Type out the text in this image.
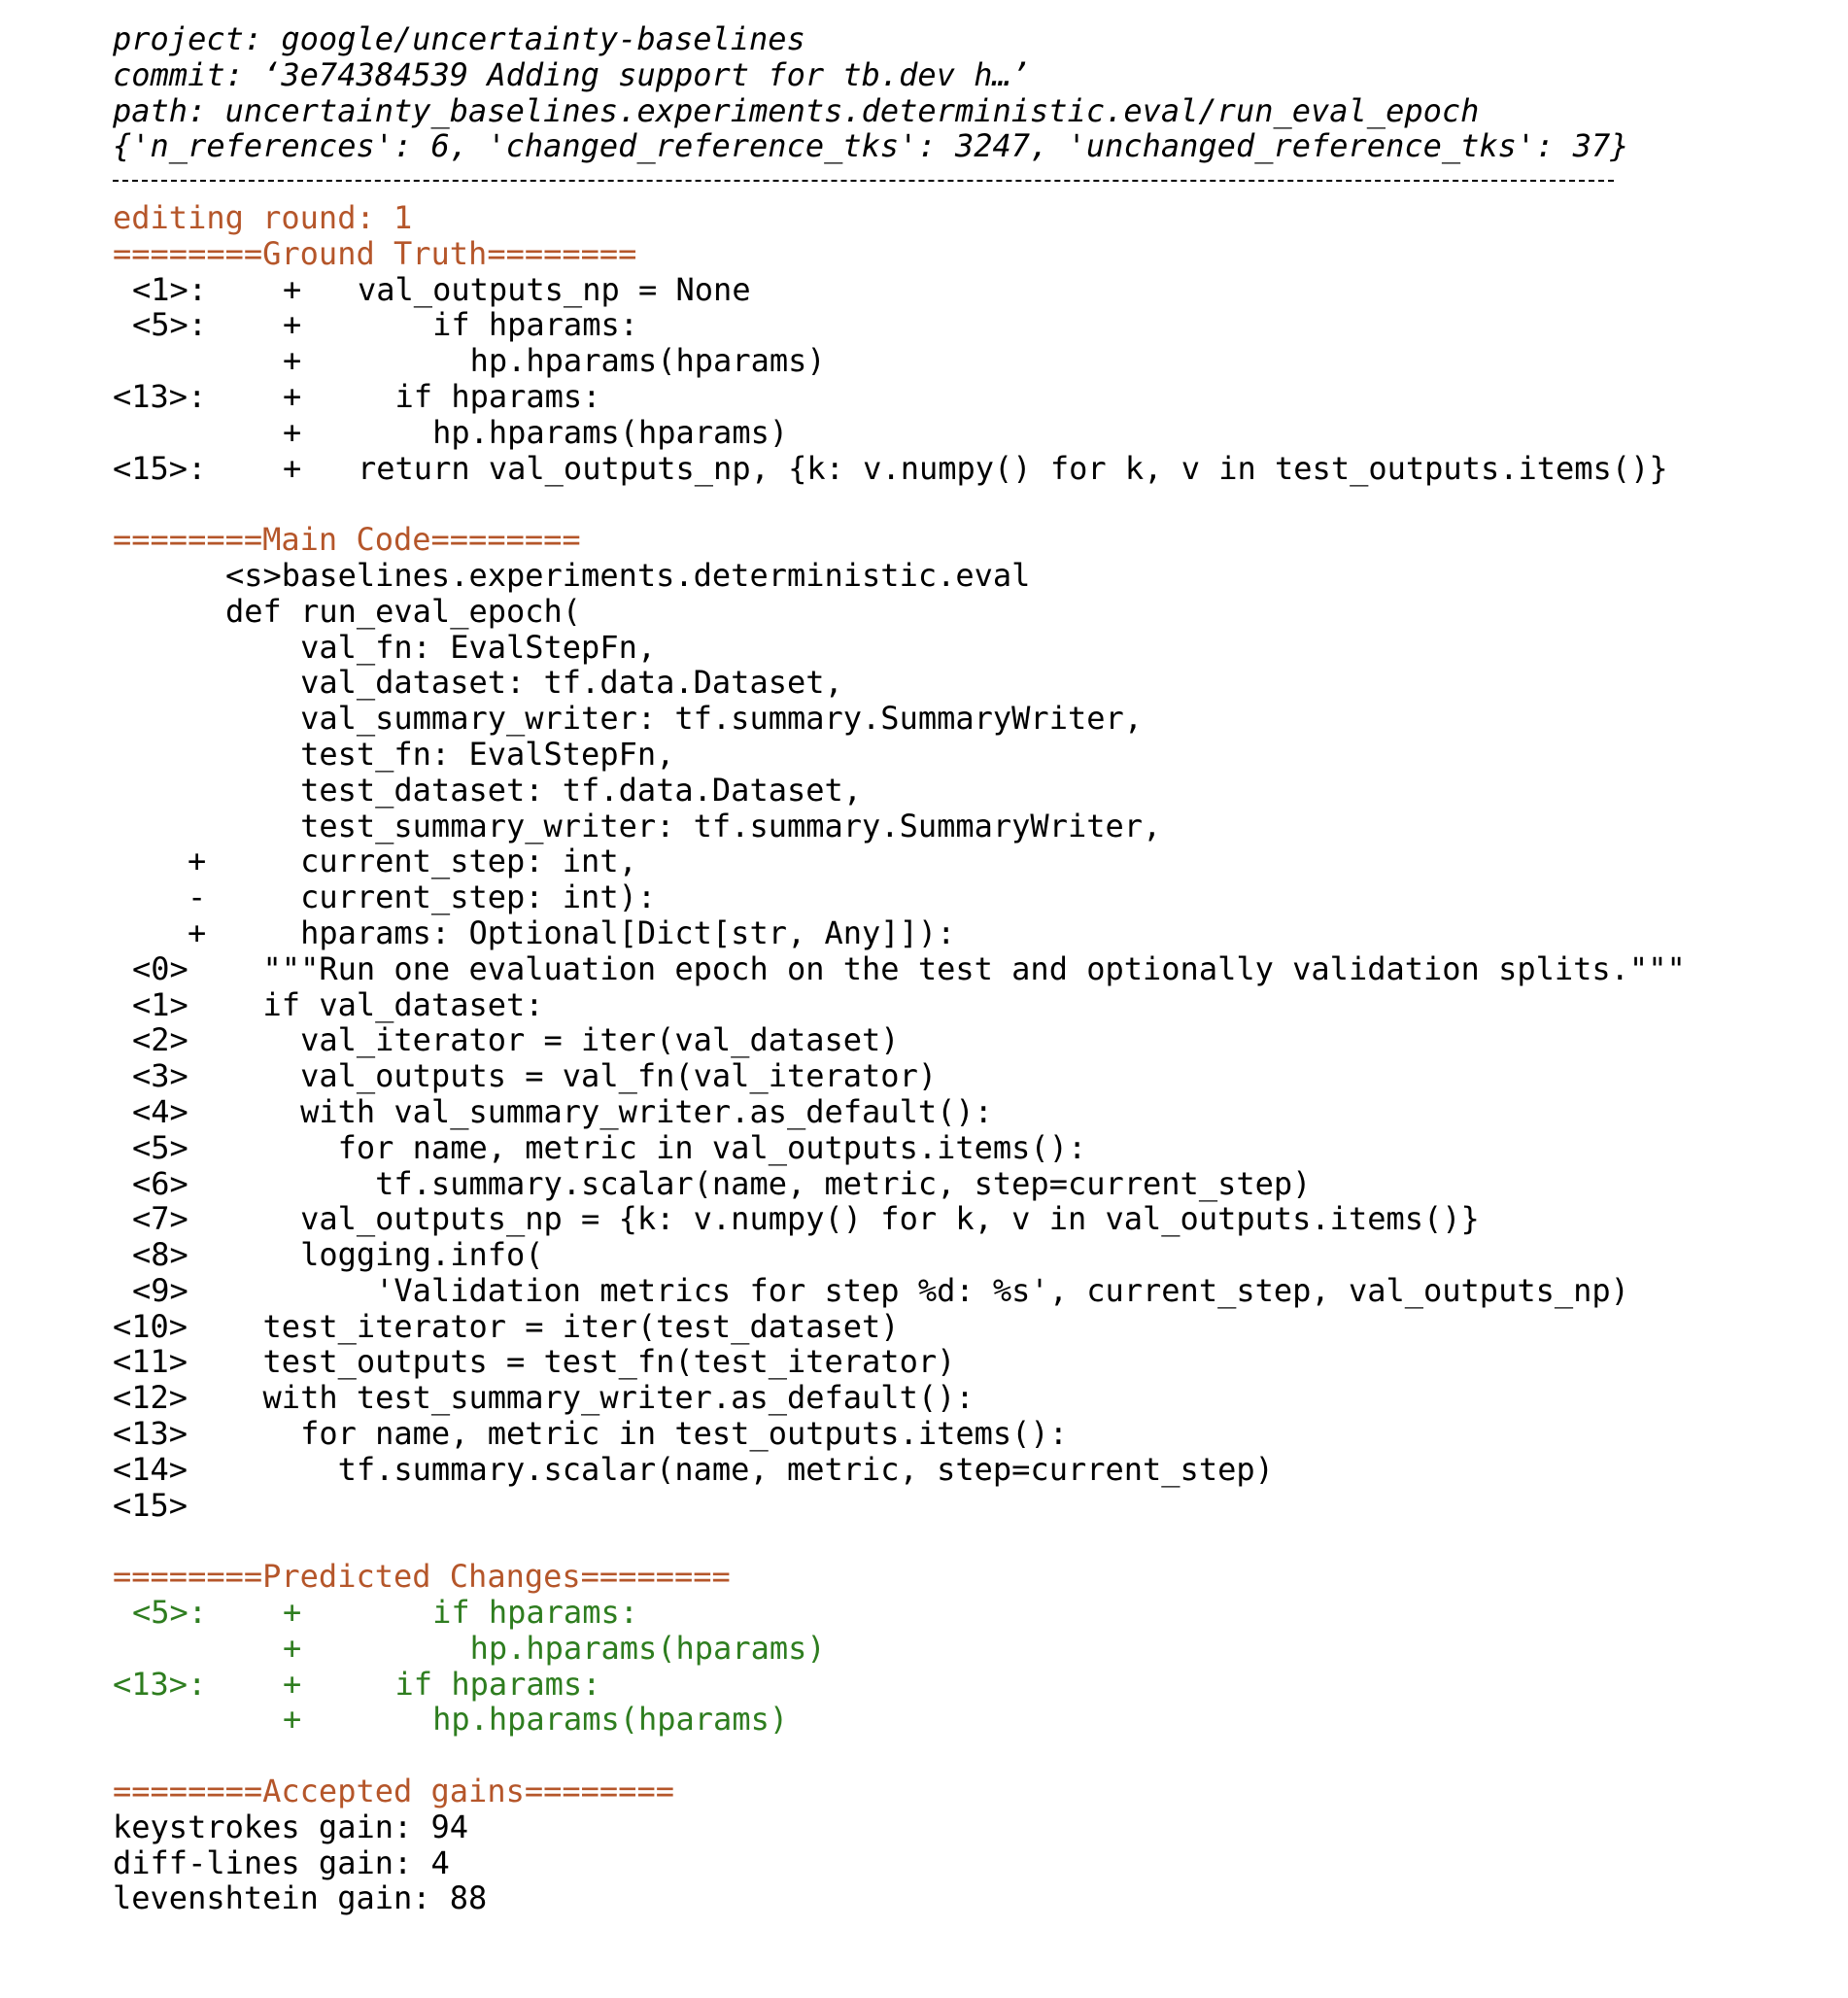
project: google/uncertainty-baselines
commit: ‘3e74384539 Adding support for tb.dev h…’
path: uncertainty_baselines.experiments.deterministic.eval/run_eval_epoch
{'n_references': 6, 'changed_reference_tks': 3247, 'unchanged_reference_tks': 37}
editing round: 1
========Ground Truth========
<1>: + val_outputs_np = None
<5>: + if hparams:
+ hp.hparams(hparams)
<13>: + if hparams:
+ hp.hparams(hparams)
<15>: + return val_outputs_np, {k: v.numpy() for k, v in test_outputs.items()}
========Main Code========
<s>baselines.experiments.deterministic.eval
def run_eval_epoch(
val_fn: EvalStepFn,
val_dataset: tf.data.Dataset,
val_summary_writer: tf.summary.SummaryWriter,
test_fn: EvalStepFn,
test_dataset: tf.data.Dataset,
test_summary_writer: tf.summary.SummaryWriter,
+ current_step: int,
- current_step: int):
+ hparams: Optional[Dict[str, Any]]):
<0> """Run one evaluation epoch on the test and optionally validation splits."""
<1> if val_dataset:
<2> val_iterator = iter(val_dataset)
<3> val_outputs = val_fn(val_iterator)
<4> with val_summary_writer.as_default():
<5> for name, metric in val_outputs.items():
<6> tf.summary.scalar(name, metric, step=current_step)
<7> val_outputs_np = {k: v.numpy() for k, v in val_outputs.items()}
<8> logging.info(
<9> 'Validation metrics for step %d: %s', current_step, val_outputs_np)
<10> test_iterator = iter(test_dataset)
<11> test_outputs = test_fn(test_iterator)
<12> with test_summary_writer.as_default():
<13> for name, metric in test_outputs.items():
<14> tf.summary.scalar(name, metric, step=current_step)
<15>
========Predicted Changes========
<5>: + if hparams:
+ hp.hparams(hparams)
<13>: + if hparams:
+ hp.hparams(hparams)
========Accepted gains========
keystrokes gain: 94
diff-lines gain: 4
levenshtein gain: 88
